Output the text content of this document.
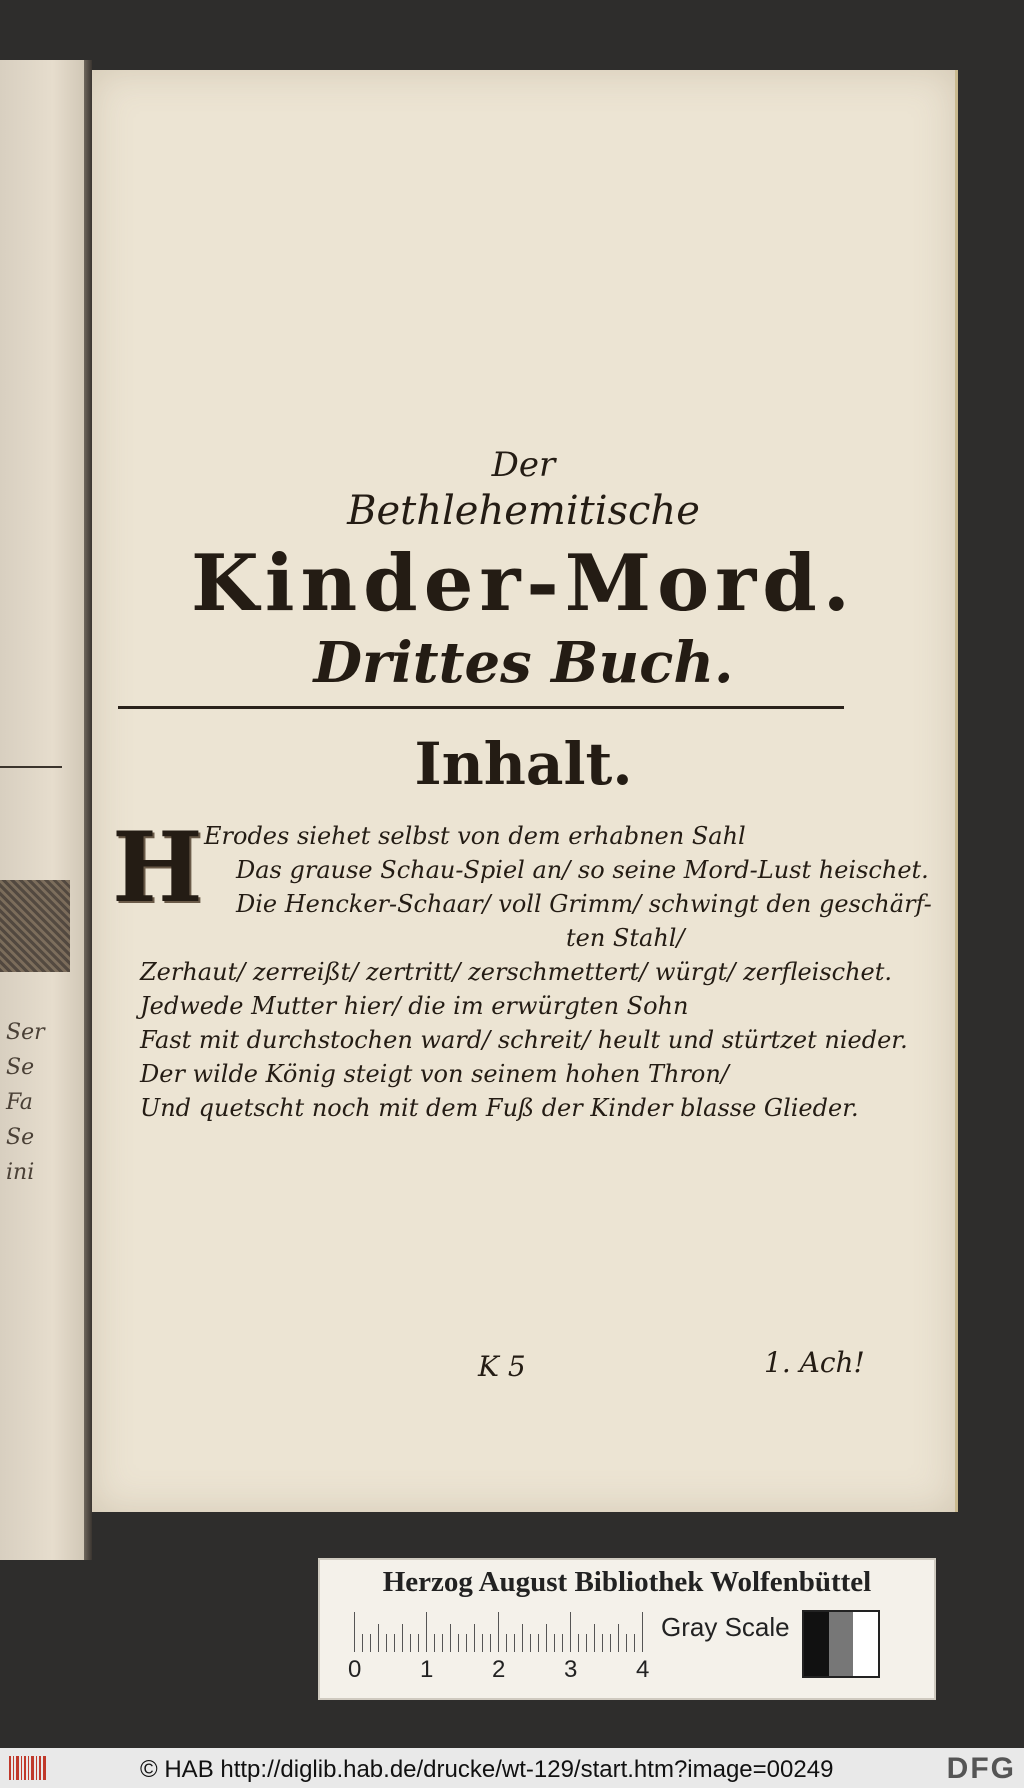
Ser
Se
Fa
Se
ini
Der
Bethlehemitische
Kinder-Mord.
Drittes Buch.
Inhalt.
H Erodes siehet selbst von dem erhabnen Sahl
Das grause Schau-Spiel an/ so seine Mord-Lust heischet.
Die Hencker-Schaar/ voll Grimm/ schwingt den geschärf-
ten Stahl/
Zerhaut/ zerreißt/ zertritt/ zerschmettert/ würgt/ zerfleischet.
Jedwede Mutter hier/ die im erwürgten Sohn
Fast mit durchstochen ward/ schreit/ heult und stürtzet nieder.
Der wilde König steigt von seinem hohen Thron/
Und quetscht noch mit dem Fuß der Kinder blasse Glieder.
K 5	1. Ach!
Herzog August Bibliothek Wolfenbüttel
0 1 2 3 4
Gray Scale
© HAB http://diglib.hab.de/drucke/wt-129/start.htm?image=00249	DFG
